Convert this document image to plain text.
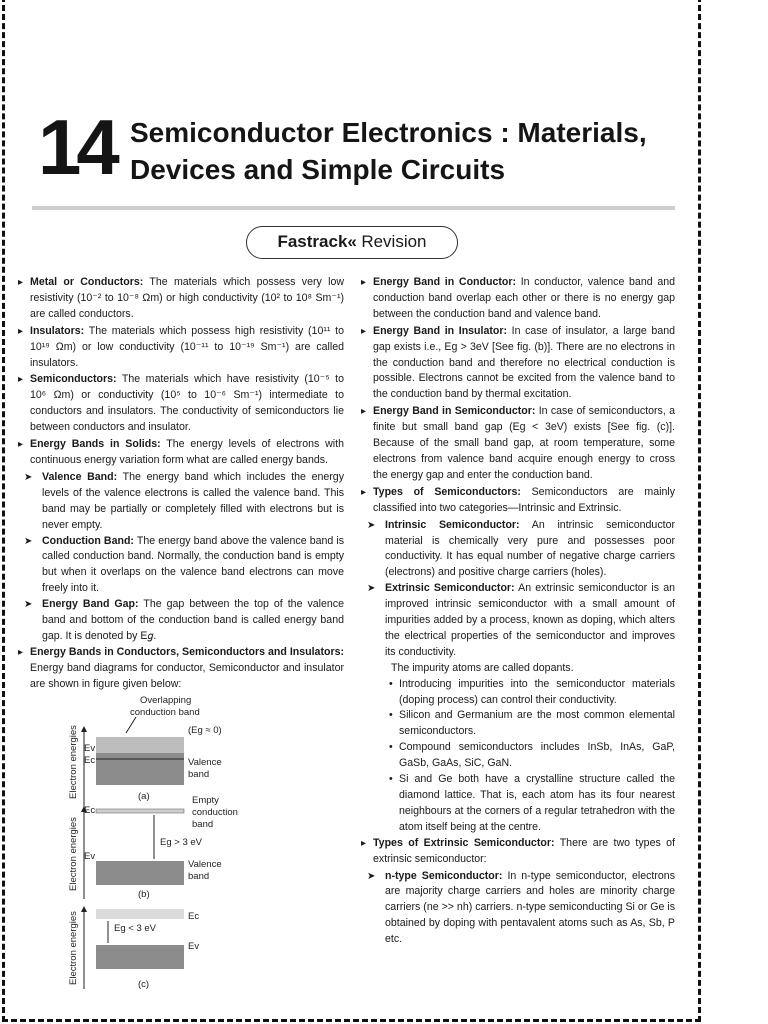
14 Semiconductor Electronics : Materials,
Devices and Simple Circuits
Fastrack« Revision
▸ Metal or Conductors: The materials which possess very low resistivity (10⁻² to 10⁻⁸ Ωm) or high conductivity (10² to 10⁸ Sm⁻¹) are called conductors.
▸ Insulators: The materials which possess high resistivity (10¹¹ to 10¹⁹ Ωm) or low conductivity (10⁻¹¹ to 10⁻¹⁹ Sm⁻¹) are called insulators.
▸ Semiconductors: The materials which have resistivity (10⁻⁵ to 10⁶ Ωm) or conductivity (10⁵ to 10⁻⁶ Sm⁻¹) intermediate to conductors and insulators. The conductivity of semiconductors lie between conductors and insulator.
▸ Energy Bands in Solids: The energy levels of electrons with continuous energy variation form what are called energy bands.
➤ Valence Band: The energy band which includes the energy levels of the valence electrons is called the valence band. This band may be partially or completely filled with electrons but is never empty.
➤ Conduction Band: The energy band above the valence band is called conduction band. Normally, the conduction band is empty but when it overlaps on the valence band electrons can move freely into it.
➤ Energy Band Gap: The gap between the top of the valence band and bottom of the conduction band is called energy band gap. It is denoted by E𝑔.
▸ Energy Bands in Conductors, Semiconductors and Insulators: Energy band diagrams for conductor, Semiconductor and insulator are shown in figure given below:
Electron energies
Overlapping
conduction band
(Eg ≈ 0)
Ev
Ec	Valence
band
(a)
Electron energies
Ec
Empty
conduction
band
Eg > 3 eV
Ev
Valence
band
(b)
Electron energies	Ec
Eg < 3 eV
Ev
(c)
▸ Energy Band in Conductor: In conductor, valence band and conduction band overlap each other or there is no energy gap between the conduction band and valence band.
▸ Energy Band in Insulator: In case of insulator, a large band gap exists i.e., Eg > 3eV [See fig. (b)]. There are no electrons in the conduction band and therefore no electrical conduction is possible. Electrons cannot be excited from the valence band to the conduction band by thermal excitation.
▸ Energy Band in Semiconductor: In case of semiconductors, a finite but small band gap (Eg < 3eV) exists [See fig. (c)]. Because of the small band gap, at room temperature, some electrons from valence band acquire enough energy to cross the energy gap and enter the conduction band.
▸ Types of Semiconductors: Semiconductors are mainly classified into two categories—Intrinsic and Extrinsic.
➤ Intrinsic Semiconductor: An intrinsic semiconductor material is chemically very pure and possesses poor conductivity. It has equal number of negative charge carriers (electrons) and positive charge carriers (holes).
➤ Extrinsic Semiconductor: An extrinsic semiconductor is an improved intrinsic semiconductor with a small amount of impurities added by a process, known as doping, which alters the electrical properties of the semiconductor and improves its conductivity.
The impurity atoms are called dopants.
• Introducing impurities into the semiconductor materials (doping process) can control their conductivity.
• Silicon and Germanium are the most common elemental semiconductors.
• Compound semiconductors includes InSb, InAs, GaP, GaSb, GaAs, SiC, GaN.
• Si and Ge both have a crystalline structure called the diamond lattice. That is, each atom has its four nearest neighbours at the corners of a regular tetrahedron with the atom itself being at the centre.
▸ Types of Extrinsic Semiconductor: There are two types of extrinsic semiconductor:
➤ n-type Semiconductor: In n-type semiconductor, electrons are majority charge carriers and holes are minority charge carriers (ne >> nh) carriers. n-type semiconducting Si or Ge is obtained by doping with pentavalent atoms such as As, Sb, P etc.
